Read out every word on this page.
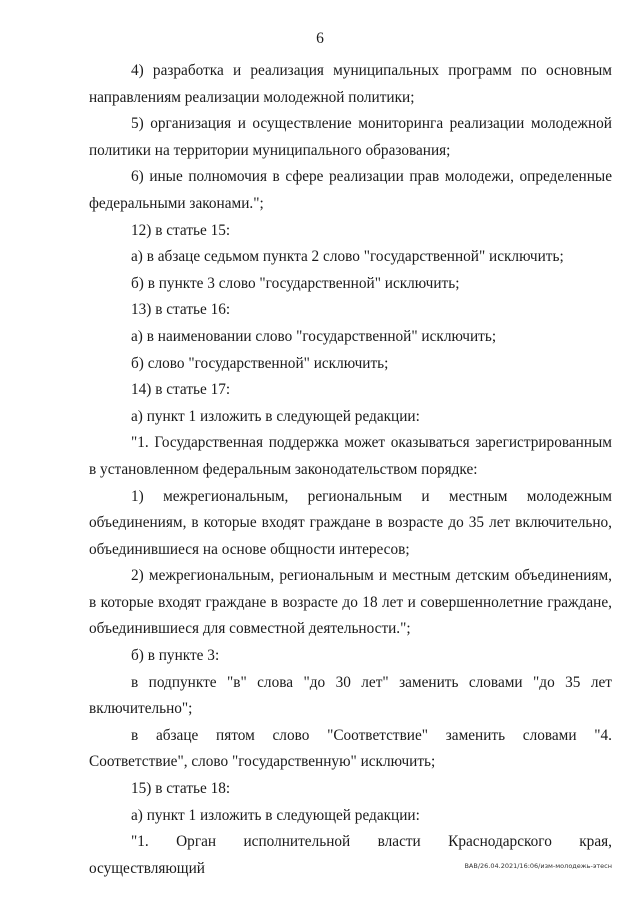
6

4) разработка и реализация муниципальных программ по основным направлениям реализации молодежной политики;

5) организация и осуществление мониторинга реализации молодежной политики на территории муниципального образования;

6) иные полномочия в сфере реализации прав молодежи, определенные федеральными законами.";

12) в статье 15:

а) в абзаце седьмом пункта 2 слово "государственной" исключить;

б) в пункте 3 слово "государственной" исключить;

13) в статье 16:

а) в наименовании слово "государственной" исключить;

б) слово "государственной" исключить;

14) в статье 17:

а) пункт 1 изложить в следующей редакции:

"1. Государственная поддержка может оказываться зарегистрированным в установленном федеральным законодательством порядке:

1) межрегиональным, региональным и местным молодежным объединениям, в которые входят граждане в возрасте до 35 лет включительно, объединившиеся на основе общности интересов;

2) межрегиональным, региональным и местным детским объединениям, в которые входят граждане в возрасте до 18 лет и совершеннолетние граждане, объединившиеся для совместной деятельности.";

б) в пункте 3:

в подпункте "в" слова "до 30 лет" заменить словами "до 35 лет включительно";

в абзаце пятом слово "Соответствие" заменить словами "4. Соответствие", слово "государственную" исключить;

15) в статье 18:

а) пункт 1 изложить в следующей редакции:

"1. Орган исполнительной власти Краснодарского края, осуществляющий	ВАВ/26.04.2021/16:06/изм-молодежь-этесн
